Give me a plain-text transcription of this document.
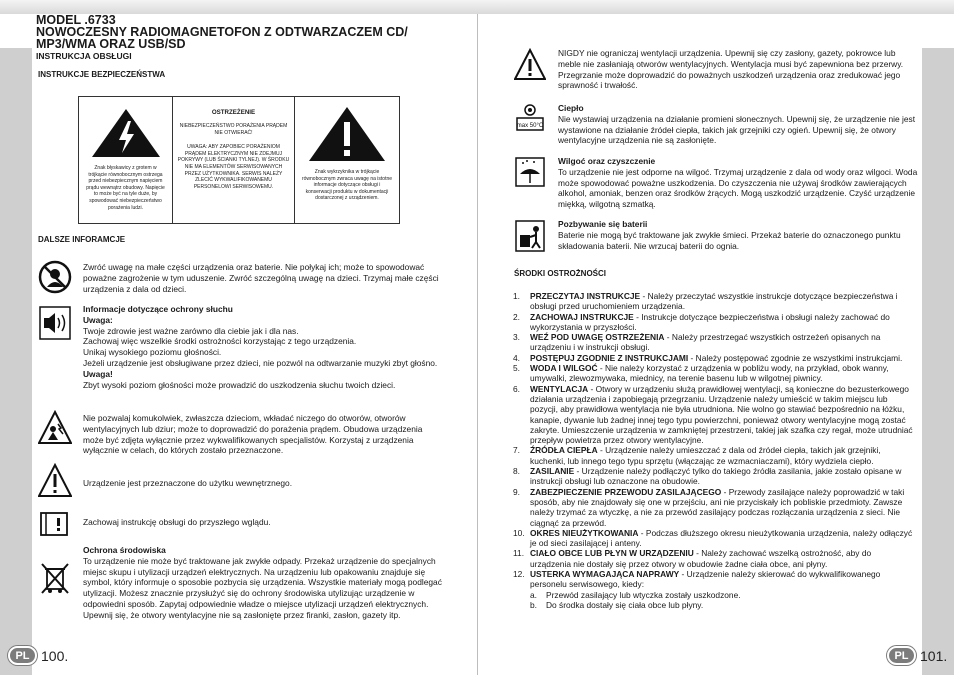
MODEL .6733
NOWOCZESNY RADIOMAGNETOFON Z ODTWARZACZEM CD/
MP3/WMA ORAZ USB/SD
INSTRUKCJA OBSŁUGI
INSTRUKCJE BEZPIECZEŃSTWA
Znak błyskawicy z grotem w trójkącie równobocznym ostrzega przed niebezpiecznym napięciem prądu wewnątrz obudowy. Napięcie to może być na tyle duże, by spowodować niebezpieczeństwo porażenia ludzi.
OSTRZEŻENIE
NIEBEZPIECZEŃSTWO PORAŻENIA PRĄDEM
NIE OTWIERAĆ!
UWAGA: ABY ZAPOBIEC PORAŻENIOM PRĄDEM ELEKTRYCZNYM NIE ZDEJMUJ POKRYWY (LUB ŚCIANKI TYLNEJ). W ŚRODKU NIE MA ELEMENTÓW SERWISOWANYCH PRZEZ UŻYTKOWNIKA. SERWIS NALEŻY ZLECIĆ WYKWALIFIKOWANEMU PERSONELOWI SERWISOWEMU.
Znak wykrzyknika w trójkącie równobocznym zwraca uwagę na istotne informacje dotyczące obsługi i konserwacji produktu w dokumentacji dostarczonej z urządzeniem.
DALSZE INFORAMCJE
Zwróć uwagę na małe części urządzenia oraz baterie. Nie połykaj ich; może to spowodować poważne zagrożenie w tym uduszenie. Zwróć szczególną uwagę na dzieci. Trzymaj małe części urządzenia z dala od dzieci.
Informacje dotyczące ochrony słuchu
Uwaga:
Twoje zdrowie jest ważne zarówno dla ciebie jak i dla nas.
Zachowaj więc wszelkie środki ostrożności korzystając z tego urządzenia.
Unikaj wysokiego poziomu głośności.
Jeżeli urządzenie jest obsługiwane przez dzieci, nie pozwól na odtwarzanie muzyki zbyt głośno.
Uwaga!
Zbyt wysoki poziom głośności może prowadzić do uszkodzenia słuchu twoich dzieci.
Nie pozwalaj komukolwiek, zwłaszcza dzieciom, wkładać niczego do otworów, otworów wentylacyjnych lub dziur; może to doprowadzić do porażenia prądem. Obudowa urządzenia może być zdjęta wyłącznie przez wykwalifikowanych specjalistów. Korzystaj z urządzenia wyłącznie w celach, do których zostało przeznaczone.
Urządzenie jest przeznaczone do użytku wewnętrznego.
Zachowaj instrukcję obsługi do przyszłego wglądu.
Ochrona środowiska
To urządzenie nie może być traktowane jak zwykłe odpady. Przekaż urządzenie do specjalnych miejsc skupu i utylizacji urządzeń elektrycznych. Na urządzeniu lub opakowaniu znajduje się symbol, który informuje o sposobie pozbycia się urządzenia. Wszystkie materiały mogą podlegać utylizacji. Możesz znacznie przysłużyć się do ochrony środowiska utylizując urządzenie w odpowiedni sposób. Zapytaj odpowiednie władze o miejsce utylizacji urządzeń elektrycznych.
Upewnij się, że otwory wentylacyjne nie są zasłonięte przez firanki, zasłon, gazety itp.
PL 100.
NIGDY nie ograniczaj wentylacji urządzenia. Upewnij się czy zasłony, gazety, pokrowce lub meble nie zasłaniają otworów wentylacyjnych. Wentylacja musi być zapewniona bez przerwy. Przegrzanie może doprowadzić do poważnych uszkodzeń urządzenia oraz zredukować jego sprawność i trwałość.
max 50°C
Ciepło
Nie wystawiaj urządzenia na działanie promieni słonecznych. Upewnij się, że urządzenie nie jest wystawione na działanie źródeł ciepła, takich jak grzejniki czy ogień. Upewnij się, że otwory wentylacyjne urządzenia nie są zasłonięte.
Wilgoć oraz czyszczenie
To urządzenie nie jest odporne na wilgoć. Trzymaj urządzenie z dala od wody oraz wilgoci. Woda może spowodować poważne uszkodzenia. Do czyszczenia nie używaj środków zawierających alkohol, amoniak, benzen oraz środków żrących. Mogą uszkodzić urządzenie. Czyść urządzenie miękką, wilgotną szmatką.
Pozbywanie się baterii
Baterie nie mogą być traktowane jak zwykłe śmieci. Przekaż baterie do oznaczonego punktu składowania baterii. Nie wrzucaj baterii do ognia.
ŚRODKI OSTROŻNOŚCI
1.	PRZECZYTAJ INSTRUKCJE - Należy przeczytać wszystkie instrukcje dotyczące bezpieczeństwa i obsługi przed uruchomieniem urządzenia.
2.	ZACHOWAJ INSTRUKCJE - Instrukcje dotyczące bezpieczeństwa i obsługi należy zachować do wykorzystania w przyszłości.
3.	WEŹ POD UWAGĘ OSTRZEŻENIA - Należy przestrzegać wszystkich ostrzeżeń opisanych na urządzeniu i w instrukcji obsługi.
4.	POSTĘPUJ ZGODNIE Z INSTRUKCJAMI - Należy postępować zgodnie ze wszystkimi instrukcjami.
5.	WODA I WILGOĆ - Nie należy korzystać z urządzenia w pobliżu wody, na przykład, obok wanny, umywalki, zlewozmywaka, miednicy, na terenie basenu lub w wilgotnej piwnicy.
6.	WENTYLACJA - Otwory w urządzeniu służą prawidłowej wentylacji, są konieczne do bezusterkowego działania urządzenia i zapobiegają przegrzaniu. Urządzenie należy umieścić w takim miejscu lub pozycji, aby prawidłowa wentylacja nie była utrudniona. Nie wolno go stawiać bezpośrednio na łóżku, kanapie, dywanie lub żadnej innej tego typu powierzchni, ponieważ otwory wentylacyjne mogą zostać zakryte. Umieszczenie urządzenia w zamkniętej przestrzeni, takiej jak szafka czy regał, może utrudniać przepływ powietrza przez otwory wentylacyjne.
7.	ŹRÓDŁA CIEPŁA - Urządzenie należy umieszczać z dala od źródeł ciepła, takich jak grzejniki, kuchenki, lub innego tego typu sprzętu (włączając ze wzmacniaczami), który wydziela ciepło.
8.	ZASILANIE - Urządzenie należy podłączyć tylko do takiego źródła zasilania, jakie zostało opisane w instrukcji obsługi lub oznaczone na obudowie.
9.	ZABEZPIECZENIE PRZEWODU ZASILAJĄCEGO - Przewody zasilające należy poprowadzić w taki sposób, aby nie znajdowały się one w przejściu, ani nie przyciskały ich pobliskie przedmioty. Zawsze należy trzymać za wtyczkę, a nie za przewód zasilający podczas rozłączania urządzenia z sieci. Nie ciągnąć za przewód.
10. OKRES NIEUŻYTKOWANIA - Podczas dłuższego okresu nieużytkowania urządzenia, należy odłączyć je od sieci zasilającej i anteny.
11. CIAŁO OBCE LUB PŁYN W URZĄDZENIU - Należy zachować wszelką ostrożność, aby do urządzenia nie dostały się przez otwory w obudowie żadne ciała obce, ani płyny.
12. USTERKA WYMAGAJĄCA NAPRAWY - Urządzenie należy skierować do wykwalifikowanego personelu serwisowego, kiedy:
a.	Przewód zasilający lub wtyczka zostały uszkodzone.
b.	Do środka dostały się ciała obce lub płyny.
PL 101.
